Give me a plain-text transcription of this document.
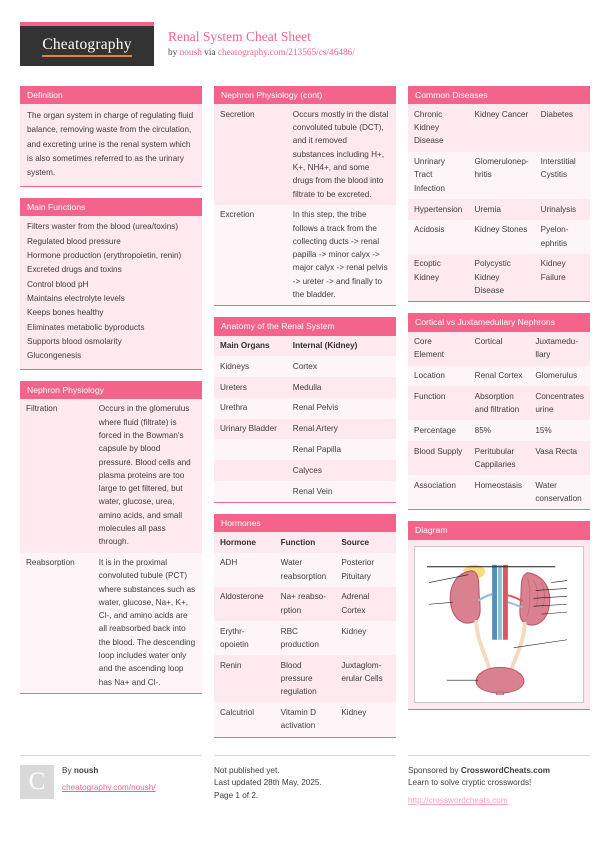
Cheatography	Renal System Cheat Sheet
by noush via cheatography.com/213565/cs/46486/
Definition
The organ system in charge of regulating fluid balance, removing waste from the circulation, and excreting urine is the renal system which is also sometimes referred to as the urinary system.
Main Functions
Filters waster from the blood (urea/toxins)
Regulated blood pressure
Hormone production (erythropoietin, renin)
Excreted drugs and toxins
Control blood pH
Maintains electrolyte levels
Keeps bones healthy
Eliminates metabolic byproducts
Supports blood osmolarity
Glucongenesis
Nephron Physiology
Filtration	Occurs in the glomerulus where fluid (filtrate) is forced in the Bowman's capsule by blood pressure. Blood cells and plasma proteins are too large to get filtered, but water, glucose, urea, amino acids, and small molecules all pass through.
Reabsorption	It is in the proximal convoluted tubule (PCT) where substances such as water, glucose, Na+, K+, Cl-, and amino acids are all reabsorbed back into the blood. The descending loop includes water only and the ascending loop has Na+ and Cl-.
Nephron Physiology (cont)
Secretion	Occurs mostly in the distal convoluted tubule (DCT), and it removed substances including H+, K+, NH4+, and some drugs from the blood into filtrate to be excreted.
Excretion	In this step, the tribe follows a track from the collecting ducts -> renal papilla -> minor calyx -> major calyx -> renal pelvis -> ureter -> and finally to the bladder.
Anatomy of the Renal System
Main Organs	Internal (Kidney)
Kidneys	Cortex
Ureters	Medulla
Urethra	Renal Pelvis
Urinary Bladder	Renal Artery
	Renal Papilla
	Calyces
	Renal Vein
Hormones
Hormone	Function	Source
ADH	Water reabsorption	Posterior Pituitary
Aldosterone	Na+ reabsorption	Adrenal Cortex
Erythropoietin	RBC production	Kidney
Renin	Blood pressure regulation	Juxtaglomerular Cells
Calcutriol	Vitamin D activation	Kidney
Common Diseases
Chronic Kidney Disease	Kidney Cancer	Diabetes
Unrinary Tract Infection	Glomerulonephritis	Interstitial Cystitis
Hypertension	Uremia	Urinalysis
Acidosis	Kidney Stones	Pyelonephritis
Ecoptic Kidney	Polycystic Kidney Disease	Kidney Failure
Cortical vs Juxtamedullary Nephrons
Core Element	Cortical	Juxtamedullary
Location	Renal Cortex	Glomerulus
Function	Absorption and filtration	Concentrates urine
Percentage	85%	15%
Blood Supply	Peritubular Cappilaries	Vasa Recta
Association	Homeostasis	Water conservation
Diagram
C	By noush
cheatography.com/noush/
Not published yet.
Last updated 28th May, 2025.
Page 1 of 2.
Sponsored by CrosswordCheats.com
Learn to solve cryptic crosswords!
http://crosswordcheats.com
